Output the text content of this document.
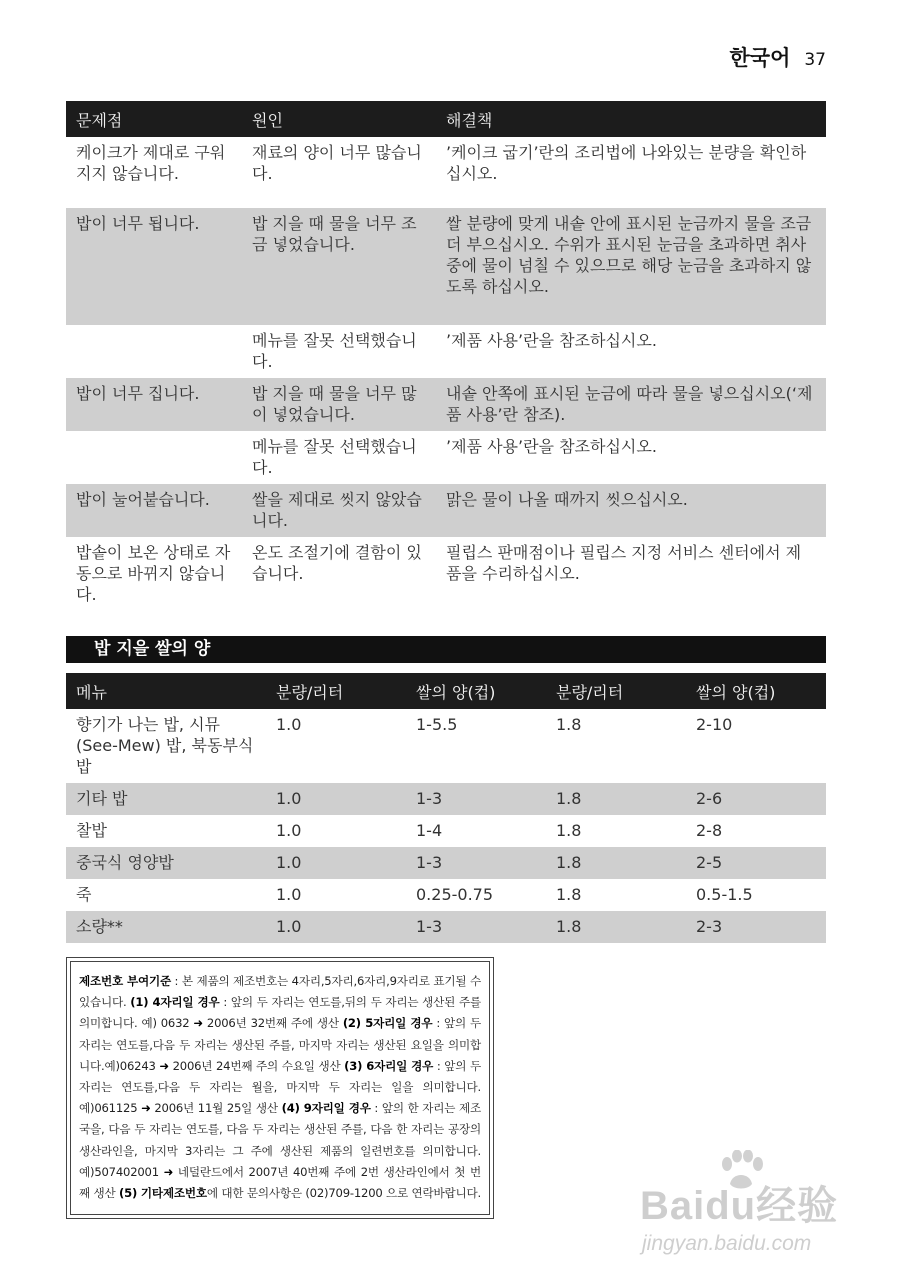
한국어 37
문제점	원인	해결책
케이크가 제대로 구워지지 않습니다.	재료의 양이 너무 많습니다.	’케이크 굽기’란의 조리법에 나와있는 분량을 확인하십시오.
밥이 너무 됩니다.	밥 지을 때 물을 너무 조금 넣었습니다.	쌀 분량에 맞게 내솥 안에 표시된 눈금까지 물을 조금 더 부으십시오. 수위가 표시된 눈금을 초과하면 취사 중에 물이 넘칠 수 있으므로 해당 눈금을 초과하지 않도록 하십시오.
	메뉴를 잘못 선택했습니다.	’제품 사용’란을 참조하십시오.
밥이 너무 집니다.	밥 지을 때 물을 너무 많이 넣었습니다.	내솥 안쪽에 표시된 눈금에 따라 물을 넣으십시오(‘제품 사용’란 참조).
	메뉴를 잘못 선택했습니다.	’제품 사용’란을 참조하십시오.
밥이 눌어붙습니다.	쌀을 제대로 씻지 않았습니다.	맑은 물이 나올 때까지 씻으십시오.
밥솥이 보온 상태로 자동으로 바뀌지 않습니다.	온도 조절기에 결함이 있습니다.	필립스 판매점이나 필립스 지정 서비스 센터에서 제품을 수리하십시오.
밥 지을 쌀의 양
메뉴	분량/리터	쌀의 양(컵)	분량/리터	쌀의 양(컵)
향기가 나는 밥, 시뮤(See-Mew) 밥, 북동부식 밥	1.0	1-5.5	1.8	2-10
기타 밥	1.0	1-3	1.8	2-6
찰밥	1.0	1-4	1.8	2-8
중국식 영양밥	1.0	1-3	1.8	2-5
죽	1.0	0.25-0.75	1.8	0.5-1.5
소량**	1.0	1-3	1.8	2-3
제조번호 부여기준 : 본 제품의 제조번호는 4자리,5자리,6자리,9자리로 표기될 수 있습니다. (1) 4자리일 경우 : 앞의 두 자리는 연도를,뒤의 두 자리는 생산된 주를 의미합니다. 예) 0632 ➜ 2006년 32번째 주에 생산 (2) 5자리일 경우 : 앞의 두 자리는 연도를,다음 두 자리는 생산된 주를, 마지막 자리는 생산된 요일을 의미합니다.예)06243 ➜ 2006년 24번째 주의 수요일 생산 (3) 6자리일 경우 : 앞의 두 자리는 연도를,다음 두 자리는 월을, 마지막 두 자리는 일을 의미합니다. 예)061125 ➜ 2006년 11월 25일 생산 (4) 9자리일 경우 : 앞의 한 자리는 제조국을, 다음 두 자리는 연도를, 다음 두 자리는 생산된 주를, 다음 한 자리는 공장의 생산라인을, 마지막 3자리는 그 주에 생산된 제품의 일련번호를 의미합니다. 예)507402001 ➜ 네덜란드에서 2007년 40번째 주에 2번 생산라인에서 첫 번째 생산 (5) 기타제조번호에 대한 문의사항은 (02)709-1200 으로 연락바랍니다.	Baidu经验
jingyan.baidu.com
